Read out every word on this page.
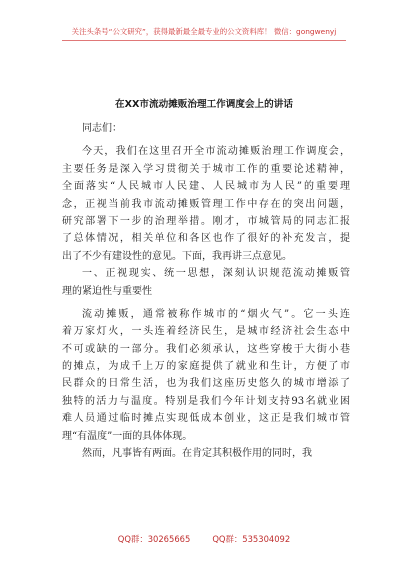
关注头条号“公文研究”，获得最新最全最专业的公文资料库！ 微信：gongwenyj
在XX市流动摊贩治理工作调度会上的讲话
同志们：
今天，我们在这里召开全市流动摊贩治理工作调度会，
主要任务是深入学习贯彻关于城市工作的重要论述精神，
全面落实“人民城市人民建、人民城市为人民”的重要理
念，正视当前我市流动摊贩管理工作中存在的突出问题，
研究部署下一步的治理举措。刚才，市城管局的同志汇报
了总体情况，相关单位和各区也作了很好的补充发言，提
出了不少有建设性的意见。下面，我再讲三点意见。
一、正视现实、统一思想，深刻认识规范流动摊贩管
理的紧迫性与重要性
流动摊贩，通常被称作城市的“烟火气”。它一头连
着万家灯火，一头连着经济民生，是城市经济社会生态中
不可或缺的一部分。我们必须承认，这些穿梭于大街小巷
的摊点，为成千上万的家庭提供了就业和生计，方便了市
民群众的日常生活，也为我们这座历史悠久的城市增添了
独特的活力与温度。特别是我们今年计划支持93名就业困
难人员通过临时摊点实现低成本创业，这正是我们城市管
理“有温度”一面的具体体现。
然而，凡事皆有两面。在肯定其积极作用的同时，我
QQ群：30265665	QQ群：535304092
